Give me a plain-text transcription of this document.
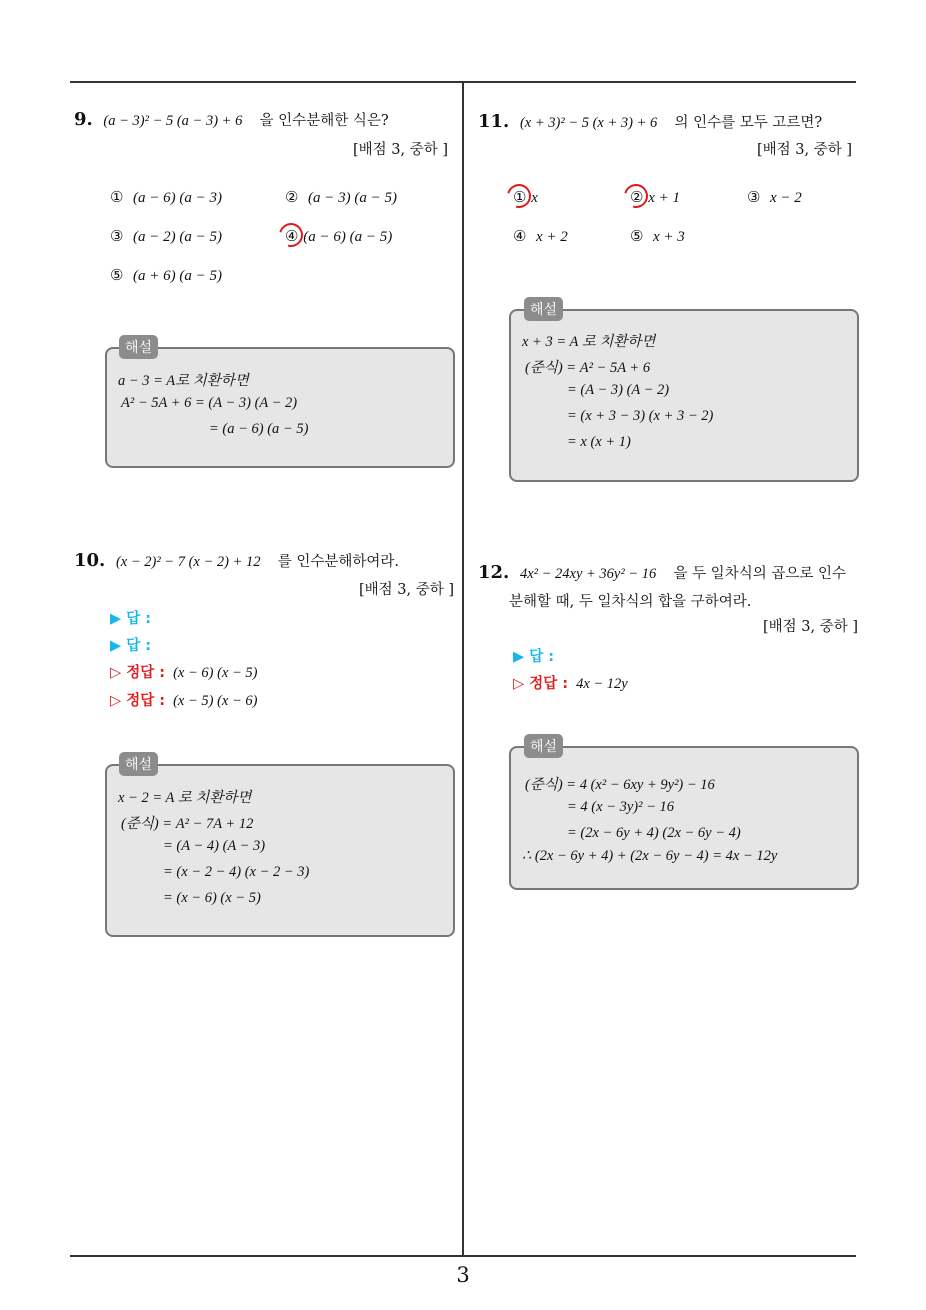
9. (a − 3)² − 5 (a − 3) + 6 을 인수분해한 식은?
[배점 3, 중하 ]
① (a − 6) (a − 3)	② (a − 3) (a − 5)
③ (a − 2) (a − 5)	④ (a − 6) (a − 5)
⑤ (a + 6) (a − 5)
해설
a − 3 = A로 치환하면
A² − 5A + 6 = (A − 3) (A − 2)
= (a − 6) (a − 5)
10. (x − 2)² − 7 (x − 2) + 12 를 인수분해하여라.
[배점 3, 중하 ]
▶ 답 :
▶ 답 :
▷ 정답 : (x − 6) (x − 5)
▷ 정답 : (x − 5) (x − 6)
해설
x − 2 = A 로 치환하면
(준식) = A² − 7A + 12
= (A − 4) (A − 3)
= (x − 2 − 4) (x − 2 − 3)
= (x − 6) (x − 5)
11. (x + 3)² − 5 (x + 3) + 6 의 인수를 모두 고르면?
[배점 3, 중하 ]
① x	② x + 1	③ x − 2
④ x + 2	⑤ x + 3
해설
x + 3 = A 로 치환하면
(준식) = A² − 5A + 6
= (A − 3) (A − 2)
= (x + 3 − 3) (x + 3 − 2)
= x (x + 1)
12. 4x² − 24xy + 36y² − 16 을 두 일차식의 곱으로 인수
분해할 때, 두 일차식의 합을 구하여라.
[배점 3, 중하 ]
▶ 답 :
▷ 정답 : 4x − 12y
해설
(준식) = 4 (x² − 6xy + 9y²) − 16
= 4 (x − 3y)² − 16
= (2x − 6y + 4) (2x − 6y − 4)
∴ (2x − 6y + 4) + (2x − 6y − 4) = 4x − 12y
3
